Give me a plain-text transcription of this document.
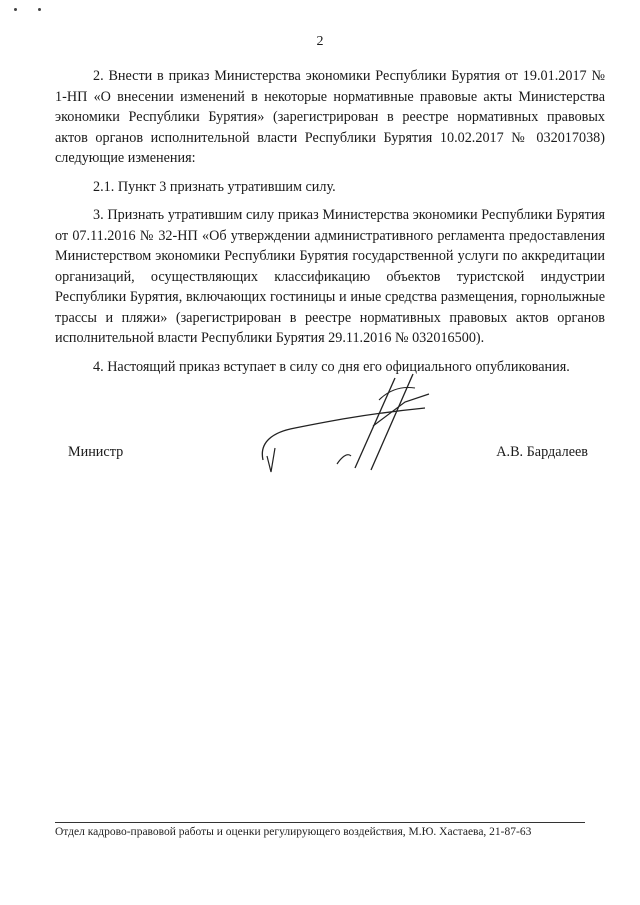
2

2. Внести в приказ Министерства экономики Республики Бурятия от 19.01.2017 № 1-НП «О внесении изменений в некоторые нормативные правовые акты Министерства экономики Республики Бурятия» (зарегистрирован в реестре нормативных правовых актов органов исполнительной власти Республики Бурятия 10.02.2017 № 032017038) следующие изменения:

2.1. Пункт 3 признать утратившим силу.

3. Признать утратившим силу приказ Министерства экономики Республики Бурятия от 07.11.2016 № 32-НП «Об утверждении административного регламента предоставления Министерством экономики Республики Бурятия государственной услуги по аккредитации организаций, осуществляющих классификацию объектов туристской индустрии Республики Бурятия, включающих гостиницы и иные средства размещения, горнолыжные трассы и пляжи» (зарегистрирован в реестре нормативных правовых актов органов исполнительной власти Республики Бурятия 29.11.2016 № 032016500).

4. Настоящий приказ вступает в силу со дня его официального опубликования.

Министр	А.В. Бардалеев
Отдел кадрово-правовой работы и оценки регулирующего воздействия, М.Ю. Хастаева, 21-87-63
